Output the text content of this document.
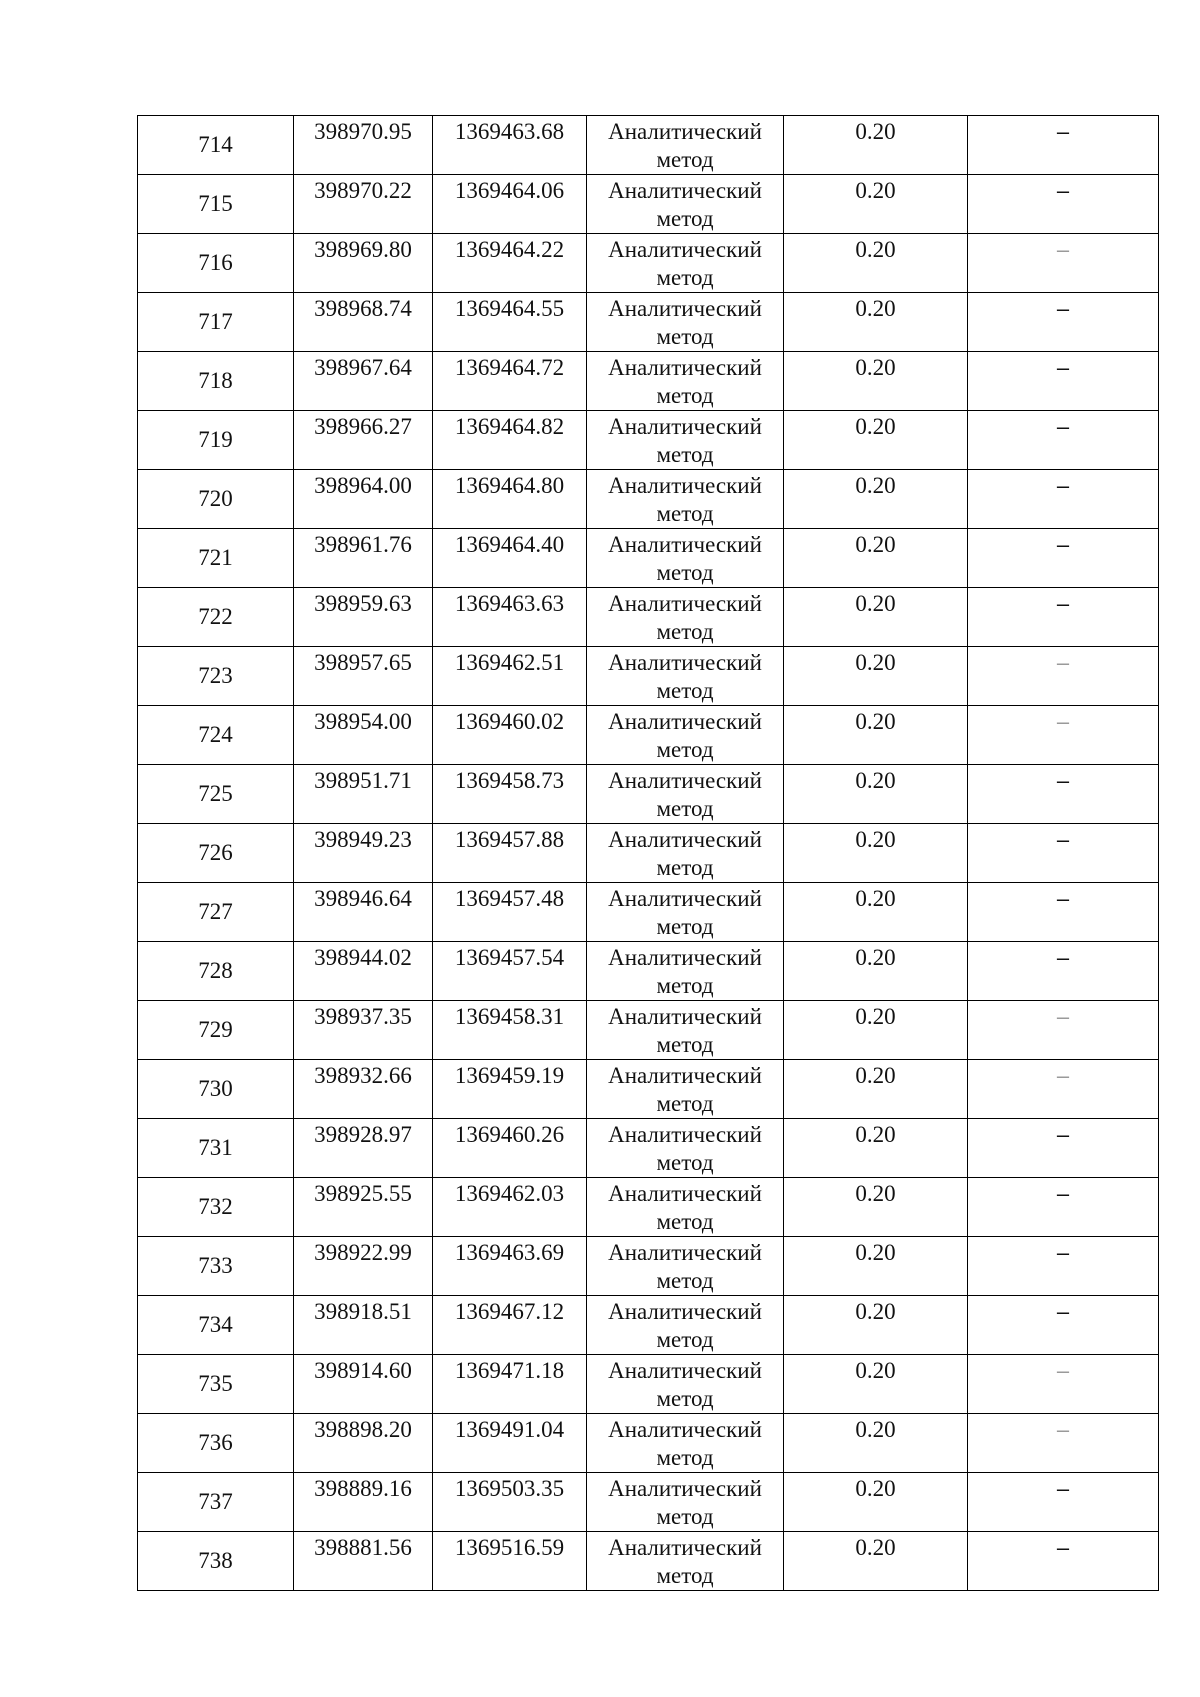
714	398970.95	1369463.68	Аналитический метод	0.20	–
715	398970.22	1369464.06	Аналитический метод	0.20	–
716	398969.80	1369464.22	Аналитический метод	0.20	–
717	398968.74	1369464.55	Аналитический метод	0.20	–
718	398967.64	1369464.72	Аналитический метод	0.20	–
719	398966.27	1369464.82	Аналитический метод	0.20	–
720	398964.00	1369464.80	Аналитический метод	0.20	–
721	398961.76	1369464.40	Аналитический метод	0.20	–
722	398959.63	1369463.63	Аналитический метод	0.20	–
723	398957.65	1369462.51	Аналитический метод	0.20	–
724	398954.00	1369460.02	Аналитический метод	0.20	–
725	398951.71	1369458.73	Аналитический метод	0.20	–
726	398949.23	1369457.88	Аналитический метод	0.20	–
727	398946.64	1369457.48	Аналитический метод	0.20	–
728	398944.02	1369457.54	Аналитический метод	0.20	–
729	398937.35	1369458.31	Аналитический метод	0.20	–
730	398932.66	1369459.19	Аналитический метод	0.20	–
731	398928.97	1369460.26	Аналитический метод	0.20	–
732	398925.55	1369462.03	Аналитический метод	0.20	–
733	398922.99	1369463.69	Аналитический метод	0.20	–
734	398918.51	1369467.12	Аналитический метод	0.20	–
735	398914.60	1369471.18	Аналитический метод	0.20	–
736	398898.20	1369491.04	Аналитический метод	0.20	–
737	398889.16	1369503.35	Аналитический метод	0.20	–
738	398881.56	1369516.59	Аналитический метод	0.20	–
